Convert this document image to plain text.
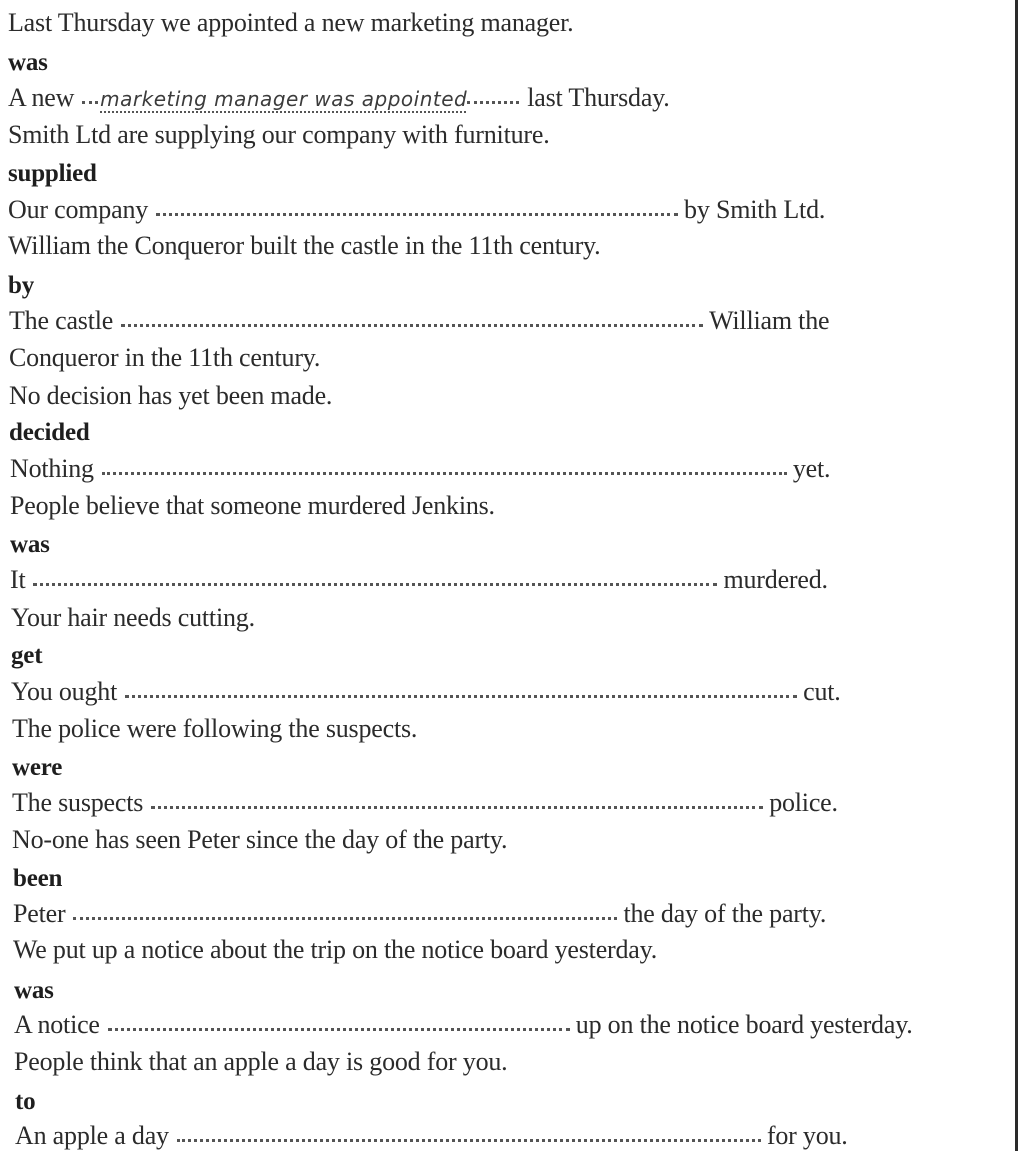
Last Thursday we appointed a new marketing manager.
was
A new marketing manager was appointed last Thursday.
Smith Ltd are supplying our company with furniture.
supplied
Our company	by Smith Ltd.
William the Conqueror built the castle in the 11th century.
by
The castle	William the
Conqueror in the 11th century.
No decision has yet been made.
decided
Nothing	yet.
People believe that someone murdered Jenkins.
was
It	murdered.
Your hair needs cutting.
get
You ought	cut.
The police were following the suspects.
were
The suspects	police.
No-one has seen Peter since the day of the party.
been
Peter	the day of the party.
We put up a notice about the trip on the notice board yesterday.
was
A notice	up on the notice board yesterday.
People think that an apple a day is good for you.
to
An apple a day	for you.
